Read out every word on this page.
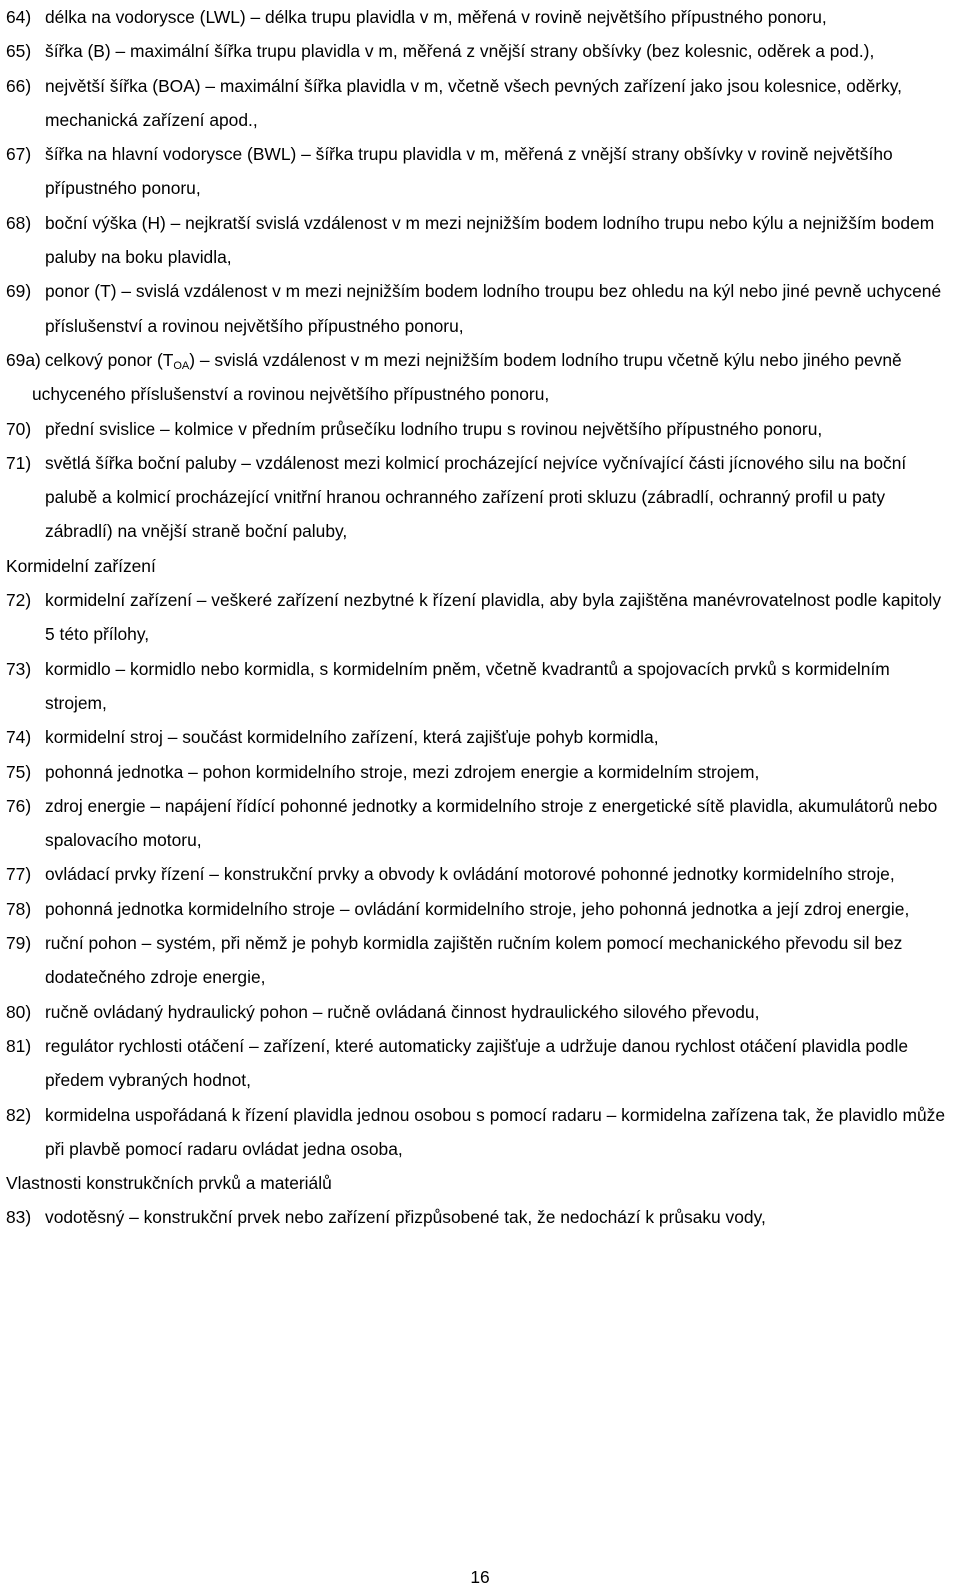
64) délka na vodoryscе (LWL) – délka trupu plavidla v m, měřená v rovině největšího přípustného ponoru,
65) šířka (B) – maximální šířka trupu plavidla v m, měřená z vnější strany obšívky (bez kolesnic, oděrek a pod.),
66) největší šířka (BOA) – maximální šířka plavidla v m, včetně všech pevných zařízení jako jsou kolesnice, oděrky, mechanická zařízení apod.,
67) šířka na hlavní vodorysce (BWL) – šířka trupu plavidla v m, měřená z vnější strany obšívky v rovině největšího přípustného ponoru,
68) boční výška (H) – nejkratší svislá vzdálenost v m mezi nejnižším bodem lodního trupu nebo kýlu a nejnižším bodem paluby na boku plavidla,
69) ponor (T) – svislá vzdálenost v m mezi nejnižším bodem lodního troupu bez ohledu na kýl nebo jiné pevně uchycené příslušenství a rovinou největšího přípustného ponoru,
69a) celkový ponor $(T_{OA})$ – svislá vzdálenost v m mezi nejnižším bodem lodního trupu včetně kýlu nebo jiného pevně uchyceného příslušenství a rovinou největšího přípustného ponoru,
70) přední svislice – kolmice v předním průsečíku lodního trupu s rovinou největšího přípustného ponoru,
71) světlá šířka boční paluby – vzdálenost mezi kolmicí procházející nejvíce vyčnívající části jícnového silu na boční palubě a kolmicí procházející vnitřní hranou ochranného zařízení proti skluzu (zábradlí, ochranný profil u paty zábradlí) na vnější straně boční paluby,

Kormidelní zařízení

72) kormidelní zařízení – veškeré zařízení nezbytné k řízení plavidla, aby byla zajištěna manévrovatelnost podle kapitoly 5 této přílohy,
73) kormidlo – kormidlo nebo kormidla, s kormidelním pněm, včetně kvadrantů a spojovacích prvků s kormidelním strojem,
74) kormidelní stroj – součást kormidelního zařízení, která zajišťuje pohyb kormidla,
75) pohonná jednotka – pohon kormidelního stroje, mezi zdrojem energie a kormidelním strojem,
76) zdroj energie – napájení řídící pohonné jednotky a kormidelního stroje z energetické sítě plavidla, akumulátorů nebo spalovacího motoru,
77) ovládací prvky řízení – konstrukční prvky a obvody k ovládání motorové pohonné jednotky kormidelního stroje,
78) pohonná jednotka kormidelního stroje – ovládání kormidelního stroje, jeho pohonná jednotka a její zdroj energie,
79) ruční pohon – systém, při němž je pohyb kormidla zajištěn ručním kolem pomocí mechanického převodu sil bez dodatečného zdroje energie,
80) ručně ovládaný hydraulický pohon – ručně ovládaná činnost hydraulického silového převodu,
81) regulátor rychlosti otáčení – zařízení, které automaticky zajišťuje a udržuje danou rychlost otáčení plavidla podle předem vybraných hodnot,
82) kormidelna uspořádaná k řízení plavidla jednou osobou s pomocí radaru – kormidelna zařízena tak, že plavidlo může při plavbě pomocí radaru ovládat jedna osoba,

Vlastnosti konstrukčních prvků a materiálů

83) vodotěsný – konstrukční prvek nebo zařízení přizpůsobené tak, že nedochází k průsaku vody,
16
